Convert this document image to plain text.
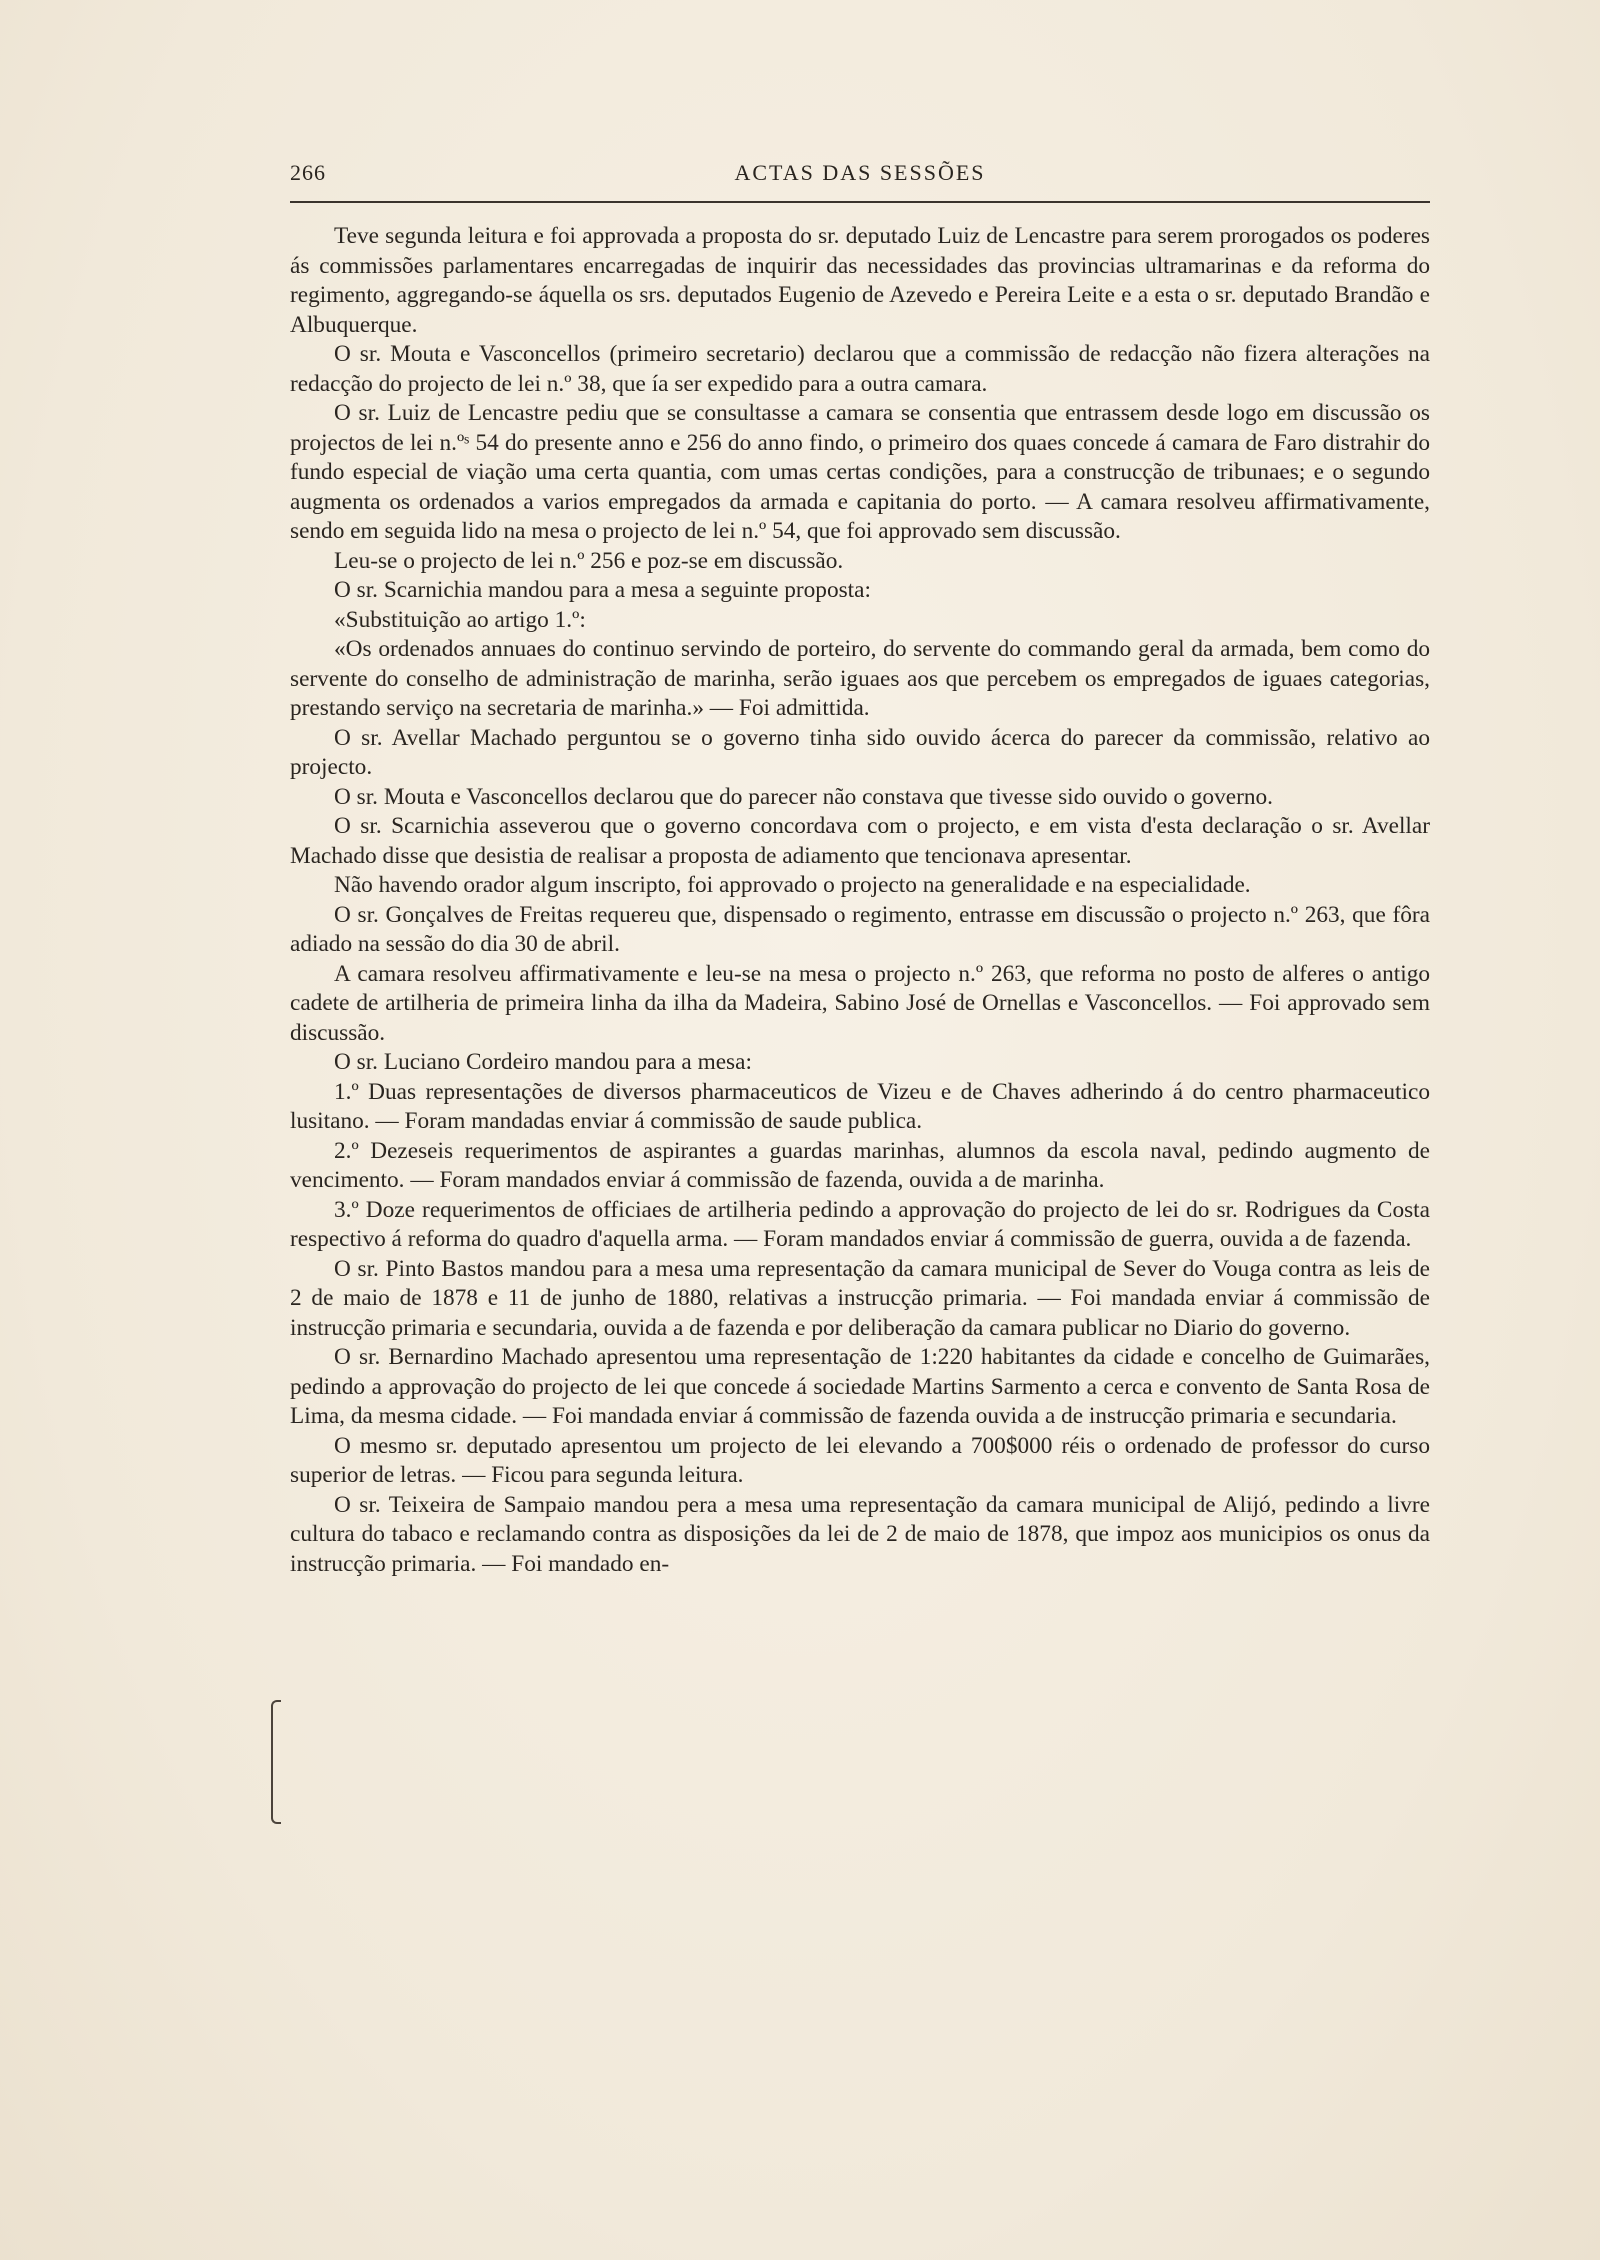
266	ACTAS DAS SESSÕES

Teve segunda leitura e foi approvada a proposta do sr. deputado Luiz de Lencastre para serem prorogados os poderes ás commissões parlamentares encarregadas de inquirir das necessidades das provincias ultramarinas e da reforma do regimento, aggregando-se áquella os srs. deputados Eugenio de Azevedo e Pereira Leite e a esta o sr. deputado Brandão e Albuquerque.

O sr. Mouta e Vasconcellos (primeiro secretario) declarou que a commissão de redacção não fizera alterações na redacção do projecto de lei n.º 38, que ía ser expedido para a outra camara.

O sr. Luiz de Lencastre pediu que se consultasse a camara se consentia que entrassem desde logo em discussão os projectos de lei n.ºˢ 54 do presente anno e 256 do anno findo, o primeiro dos quaes concede á camara de Faro distrahir do fundo especial de viação uma certa quantia, com umas certas condições, para a construcção de tribunaes; e o segundo augmenta os ordenados a varios empregados da armada e capitania do porto. — A camara resolveu affirmativamente, sendo em seguida lido na mesa o projecto de lei n.º 54, que foi approvado sem discussão.

Leu-se o projecto de lei n.º 256 e poz-se em discussão.

O sr. Scarnichia mandou para a mesa a seguinte proposta:

«Substituição ao artigo 1.º:

«Os ordenados annuaes do continuo servindo de porteiro, do servente do commando geral da armada, bem como do servente do conselho de administração de marinha, serão iguaes aos que percebem os empregados de iguaes categorias, prestando serviço na secretaria de marinha.» — Foi admittida.

O sr. Avellar Machado perguntou se o governo tinha sido ouvido ácerca do parecer da commissão, relativo ao projecto.

O sr. Mouta e Vasconcellos declarou que do parecer não constava que tivesse sido ouvido o governo.

O sr. Scarnichia asseverou que o governo concordava com o projecto, e em vista d'esta declaração o sr. Avellar Machado disse que desistia de realisar a proposta de adiamento que tencionava apresentar.

Não havendo orador algum inscripto, foi approvado o projecto na generalidade e na especialidade.

O sr. Gonçalves de Freitas requereu que, dispensado o regimento, entrasse em discussão o projecto n.º 263, que fôra adiado na sessão do dia 30 de abril.

A camara resolveu affirmativamente e leu-se na mesa o projecto n.º 263, que reforma no posto de alferes o antigo cadete de artilheria de primeira linha da ilha da Madeira, Sabino José de Ornellas e Vasconcellos. — Foi approvado sem discussão.

O sr. Luciano Cordeiro mandou para a mesa:

1.º Duas representações de diversos pharmaceuticos de Vizeu e de Chaves adherindo á do centro pharmaceutico lusitano. — Foram mandadas enviar á commissão de saude publica.

2.º Dezeseis requerimentos de aspirantes a guardas marinhas, alumnos da escola naval, pedindo augmento de vencimento. — Foram mandados enviar á commissão de fazenda, ouvida a de marinha.

3.º Doze requerimentos de officiaes de artilheria pedindo a approvação do projecto de lei do sr. Rodrigues da Costa respectivo á reforma do quadro d'aquella arma. — Foram mandados enviar á commissão de guerra, ouvida a de fazenda.

O sr. Pinto Bastos mandou para a mesa uma representação da camara municipal de Sever do Vouga contra as leis de 2 de maio de 1878 e 11 de junho de 1880, relativas a instrucção primaria. — Foi mandada enviar á commissão de instrucção primaria e secundaria, ouvida a de fazenda e por deliberação da camara publicar no Diario do governo.

O sr. Bernardino Machado apresentou uma representação de 1:220 habitantes da cidade e concelho de Guimarães, pedindo a approvação do projecto de lei que concede á sociedade Martins Sarmento a cerca e convento de Santa Rosa de Lima, da mesma cidade. — Foi mandada enviar á commissão de fazenda ouvida a de instrucção primaria e secundaria.

O mesmo sr. deputado apresentou um projecto de lei elevando a 700$000 réis o ordenado de professor do curso superior de letras. — Ficou para segunda leitura.

O sr. Teixeira de Sampaio mandou pera a mesa uma representação da camara municipal de Alijó, pedindo a livre cultura do tabaco e reclamando contra as disposições da lei de 2 de maio de 1878, que impoz aos municipios os onus da instrucção primaria. — Foi mandado en-
